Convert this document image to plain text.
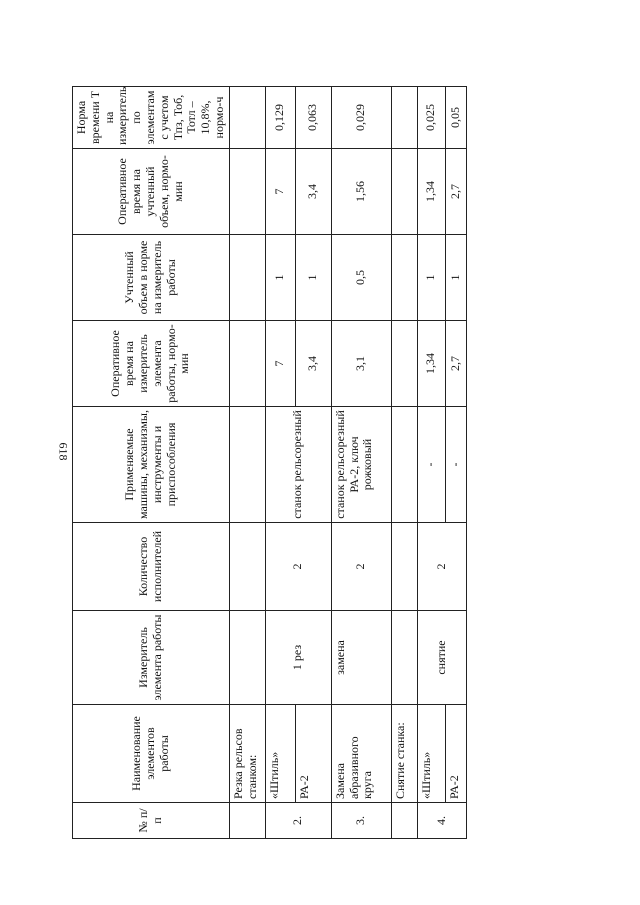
618
№ п/п	Наименование элементов работы	Измеритель элемента работы	Количество исполнителей	Применяемые машины, механизмы, инструменты и приспособления	Оперативное время на измеритель элемента работы, нормо-мин	Учтенный объем в норме на измеритель работы	Оперативное время на учтенный объем, нормо-мин	Норма времени Т на измеритель по элементам с учетом Тпз, Тоб, Тотл – 10,8%, нормо-ч
	Резка рельсов станком:							
2.	«Штиль»	1 рез	2	станок рельсорезный	7	1	7	0,129
	РА-2				3,4	1	3,4	0,063
3.	Замена абразивного круга	замена	2	станок рельсорезный РА-2, ключ рожковый	3,1	0,5	1,56	0,029
	Снятие станка:							
4.	«Штиль»	снятие	2	-	1,34	1	1,34	0,025
	РА-2			-	2,7	1	2,7	0,05
